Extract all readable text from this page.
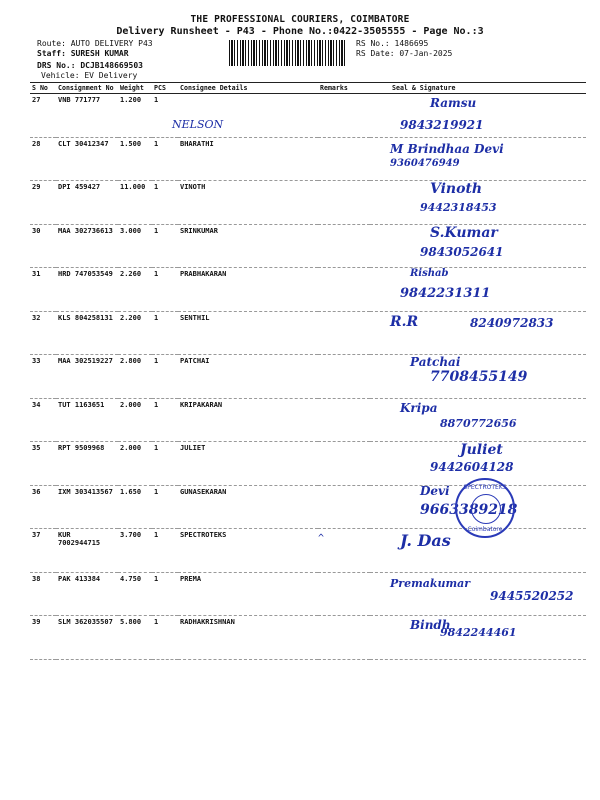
THE PROFESSIONAL COURIERS, COIMBATORE
Delivery Runsheet - P43 - Phone No.:0422-3505555 - Page No.:3
Route: AUTO DELIVERY P43
Staff: SURESH KUMAR
DRS No.: DCJB148669503
Vehicle: EV Delivery
RS No.: 1486695
RS Date: 07-Jan-2025
S No	Consignment No	Weight	PCS	Consignee Details	Remarks	Seal & Signature
27	VNB 771777	1.200	1			Ramsu
9843219921

28	CLT 30412347	1.500	1	BHARATHI		M Brindhaa Devi
9360476949

29	DPI 459427	11.000	1	VINOTH		Vinoth
9442318453

30	MAA 302736613	3.000	1	SRINKUMAR		S.Kumar
9843052641

31	HRD 747053549	2.260	1	PRABHAKARAN		Rishab
9842231311

32	KLS 804258131	2.200	1	SENTHIL		R.R 8240972833

33	MAA 302519227	2.800	1	PATCHAI		Patchai
7708455149

34	TUT 1163651	2.000	1	KRIPAKARAN		Kripa
8870772656

35	RPT 9509968	2.000	1	JULIET		Juliet
9442604128

36	IXM 303413567	1.650	1	GUNASEKARAN		Devi
9663389218

37	KUR 7002944715	3.700	1	SPECTROTEKS		J. Das

38	PAK 413384	4.750	1	PREMA		Premakumar
9445520252

39	SLM 362035507	5.800	1	RADHAKRISHNAN		Bindh
9842244461
SPECTROTEKS
Coimbatore
^
NELSON
